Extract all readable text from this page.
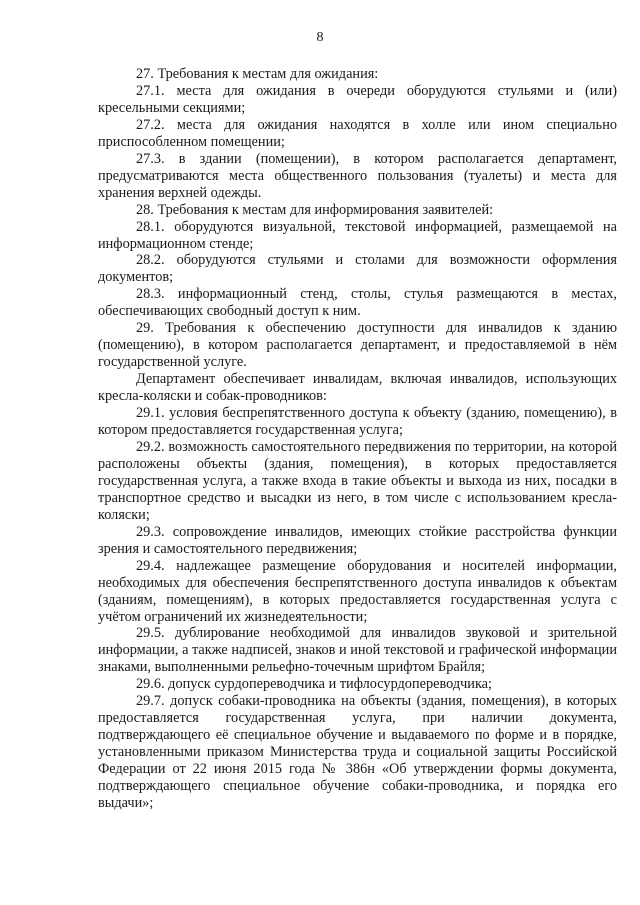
8

27. Требования к местам для ожидания:

27.1. места для ожидания в очереди оборудуются стульями и (или) кресельными секциями;

27.2. места для ожидания находятся в холле или ином специально приспособленном помещении;

27.3. в здании (помещении), в котором располагается департамент, предусматриваются места общественного пользования (туалеты) и места для хранения верхней одежды.

28. Требования к местам для информирования заявителей:

28.1. оборудуются визуальной, текстовой информацией, размещаемой на информационном стенде;

28.2. оборудуются стульями и столами для возможности оформления документов;

28.3. информационный стенд, столы, стулья размещаются в местах, обеспечивающих свободный доступ к ним.

29. Требования к обеспечению доступности для инвалидов к зданию (помещению), в котором располагается департамент, и предоставляемой в нём государственной услуге.

Департамент обеспечивает инвалидам, включая инвалидов, использующих кресла-коляски и собак-проводников:

29.1. условия беспрепятственного доступа к объекту (зданию, помещению), в котором предоставляется государственная услуга;

29.2. возможность самостоятельного передвижения по территории, на которой расположены объекты (здания, помещения), в которых предоставляется государственная услуга, а также входа в такие объекты и выхода из них, посадки в транспортное средство и высадки из него, в том числе с использованием кресла-коляски;

29.3. сопровождение инвалидов, имеющих стойкие расстройства функции зрения и самостоятельного передвижения;

29.4. надлежащее размещение оборудования и носителей информации, необходимых для обеспечения беспрепятственного доступа инвалидов к объектам (зданиям, помещениям), в которых предоставляется государственная услуга с учётом ограничений их жизнедеятельности;

29.5. дублирование необходимой для инвалидов звуковой и зрительной информации, а также надписей, знаков и иной текстовой и графической информации знаками, выполненными рельефно-точечным шрифтом Брайля;

29.6. допуск сурдопереводчика и тифлосурдопереводчика;

29.7. допуск собаки-проводника на объекты (здания, помещения), в которых предоставляется государственная услуга, при наличии документа, подтверждающего её специальное обучение и выдаваемого по форме и в порядке, установленными приказом Министерства труда и социальной защиты Российской Федерации от 22 июня 2015 года № 386н «Об утверждении формы документа, подтверждающего специальное обучение собаки-проводника, и порядка его выдачи»;
